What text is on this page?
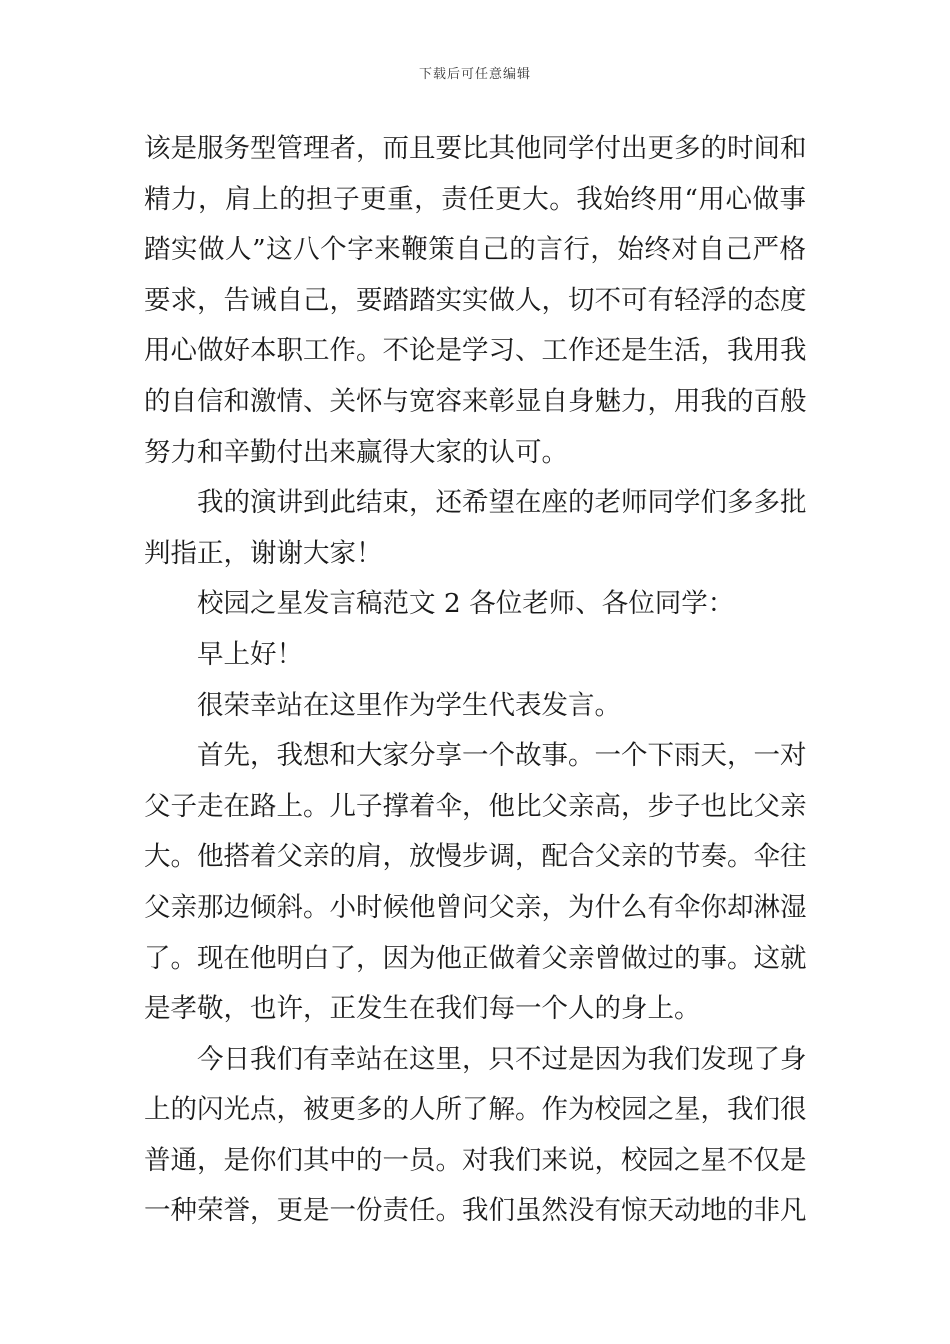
下载后可任意编辑
该是服务型管理者，而且要比其他同学付出更多的时间和
精力，肩上的担子更重，责任更大。我始终用“用心做事
踏实做人”这八个字来鞭策自己的言行，始终对自己严格
要求，告诫自己，要踏踏实实做人，切不可有轻浮的态度
用心做好本职工作。不论是学习、工作还是生活，我用我
的自信和激情、关怀与宽容来彰显自身魅力，用我的百般
努力和辛勤付出来赢得大家的认可。
我的演讲到此结束，还希望在座的老师同学们多多批
判指正，谢谢大家！
校园之星发言稿范文 2 各位老师、各位同学：
早上好！
很荣幸站在这里作为学生代表发言。
首先，我想和大家分享一个故事。一个下雨天，一对
父子走在路上。儿子撑着伞，他比父亲高，步子也比父亲
大。他搭着父亲的肩，放慢步调，配合父亲的节奏。伞往
父亲那边倾斜。小时候他曾问父亲，为什么有伞你却淋湿
了。现在他明白了，因为他正做着父亲曾做过的事。这就
是孝敬，也许，正发生在我们每一个人的身上。
今日我们有幸站在这里，只不过是因为我们发现了身
上的闪光点，被更多的人所了解。作为校园之星，我们很
普通，是你们其中的一员。对我们来说，校园之星不仅是
一种荣誉，更是一份责任。我们虽然没有惊天动地的非凡
